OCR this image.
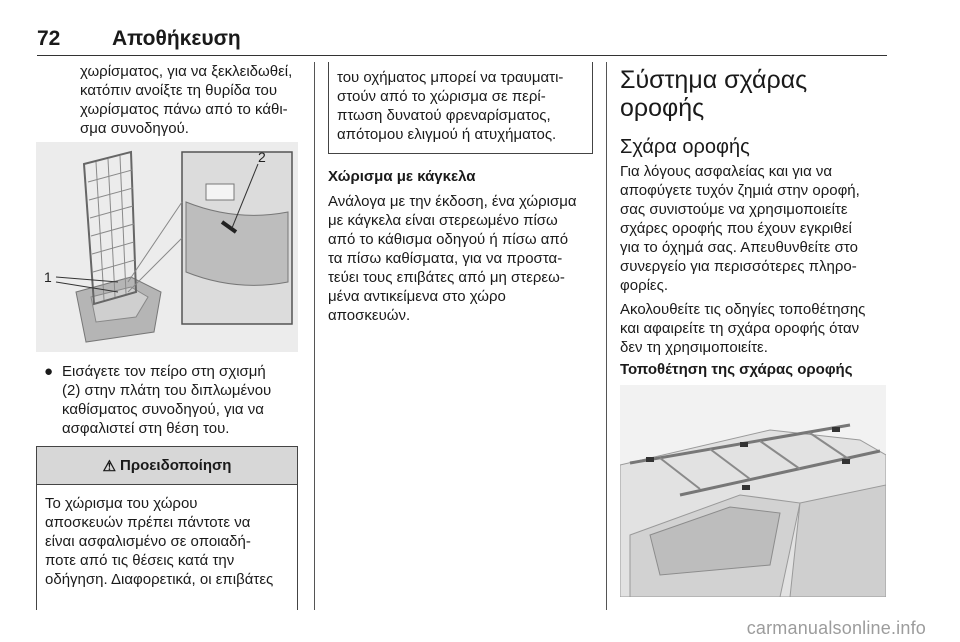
72 Αποθήκευση
χωρίσματος, για να ξεκλειδωθεί,
κατόπιν ανοίξτε τη θυρίδα του
χωρίσματος πάνω από το κάθι-
σμα συνοδηγού.
1
2
● Εισάγετε τον πείρο στη σχισμή
(2) στην πλάτη του διπλωμένου
καθίσματος συνοδηγού, για να
ασφαλιστεί στη θέση του.
⚠ Προειδοποίηση
Το χώρισμα του χώρου
αποσκευών πρέπει πάντοτε να
είναι ασφαλισμένο σε οποιαδή-
ποτε από τις θέσεις κατά την
οδήγηση. Διαφορετικά, οι επιβάτες
του οχήματος μπορεί να τραυματι-
στούν από το χώρισμα σε περί-
πτωση δυνατού φρεναρίσματος,
απότομου ελιγμού ή ατυχήματος.
Χώρισμα με κάγκελα
Ανάλογα με την έκδοση, ένα χώρισμα
με κάγκελα είναι στερεωμένο πίσω
από το κάθισμα οδηγού ή πίσω από
τα πίσω καθίσματα, για να προστα-
τεύει τους επιβάτες από μη στερεω-
μένα αντικείμενα στο χώρο
αποσκευών.
Σύστημα σχάρας
οροφής
Σχάρα οροφής

Για λόγους ασφαλείας και για να
αποφύγετε τυχόν ζημιά στην οροφή,
σας συνιστούμε να χρησιμοποιείτε
σχάρες οροφής που έχουν εγκριθεί
για το όχημά σας. Απευθυνθείτε στο
συνεργείο για περισσότερες πληρο-
φορίες.

Ακολουθείτε τις οδηγίες τοποθέτησης
και αφαιρείτε τη σχάρα οροφής όταν
δεν τη χρησιμοποιείτε.

Τοποθέτηση της σχάρας οροφής
carmanualsonline.info
